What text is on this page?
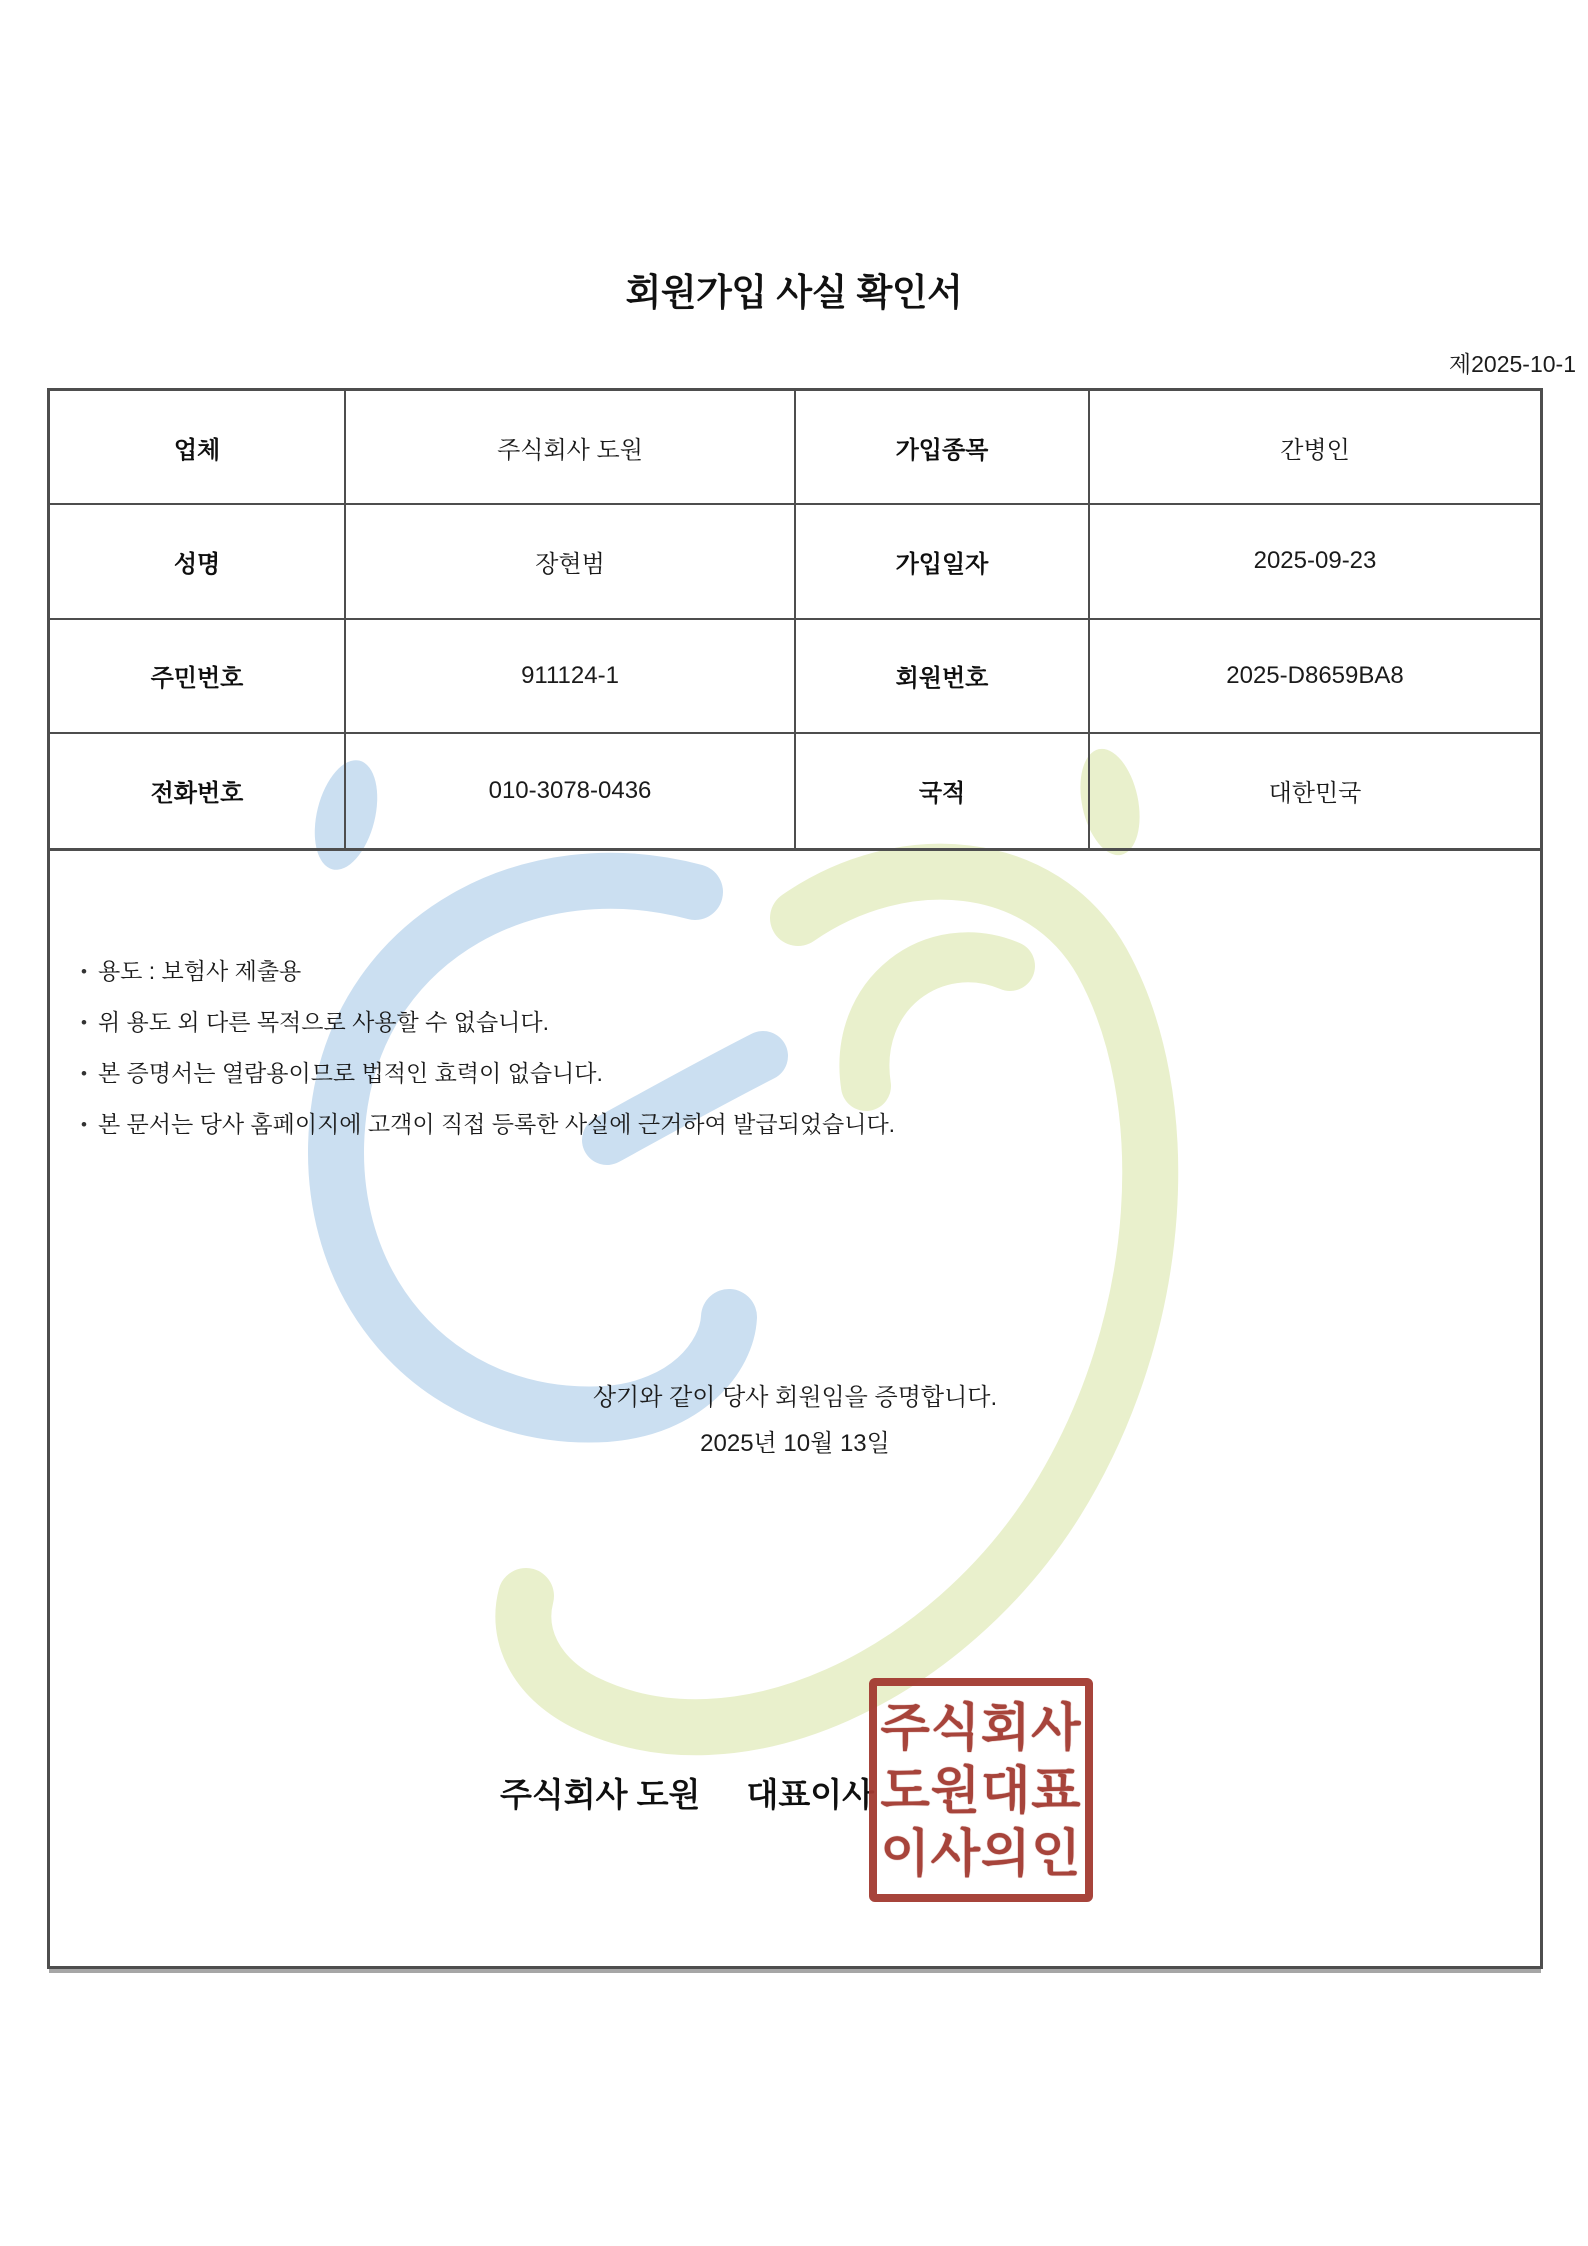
회원가입 사실 확인서
제2025-10-1
업체	주식회사 도원	가입종목	간병인
성명	장현범	가입일자	2025-09-23
주민번호	911124-1	회원번호	2025-D8659BA8
전화번호	010-3078-0436	국적	대한민국
• 용도 : 보험사 제출용
• 위 용도 외 다른 목적으로 사용할 수 없습니다.
• 본 증명서는 열람용이므로 법적인 효력이 없습니다.
• 본 문서는 당사 홈페이지에 고객이 직접 등록한 사실에 근거하여 발급되었습니다.
상기와 같이 당사 회원임을 증명합니다.
2025년 10월 13일
주식회사 도원 대표이사
주식회사
도원대표
이사의인
